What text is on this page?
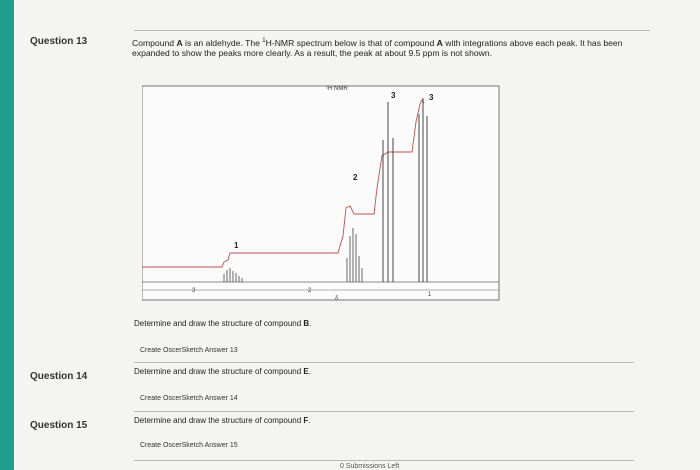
Question 13
Question 14
Question 15
Compound A is an aldehyde. The $^1$H-NMR spectrum below is that of compound A with integrations above each peak. It has been expanded to show the peaks more clearly. As a result, the peak at about 9.5 ppm is not shown.
¹H NMR
1
2
3	3
3	2
δ
1
Determine and draw the structure of compound B.
Create OscerSketch Answer 13
Determine and draw the structure of compound E.
Create OscerSketch Answer 14
Determine and draw the structure of compound F.
Create OscerSketch Answer 15
0 Submissions Left
